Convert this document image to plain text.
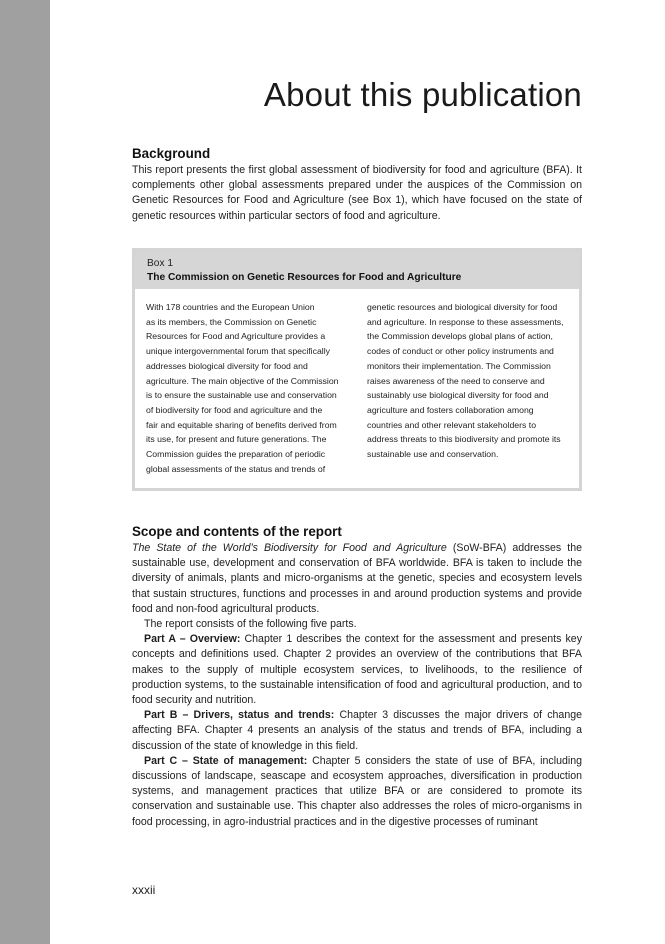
About this publication
Background

This report presents the first global assessment of biodiversity for food and agriculture (BFA). It complements other global assessments prepared under the auspices of the Commission on Genetic Resources for Food and Agriculture (see Box 1), which have focused on the state of genetic resources within particular sectors of food and agriculture.

Box 1
The Commission on Genetic Resources for Food and Agriculture
With 178 countries and the European Union
as its members, the Commission on Genetic
Resources for Food and Agriculture provides a
unique intergovernmental forum that specifically
addresses biological diversity for food and
agriculture. The main objective of the Commission
is to ensure the sustainable use and conservation
of biodiversity for food and agriculture and the
fair and equitable sharing of benefits derived from
its use, for present and future generations. The
Commission guides the preparation of periodic
global assessments of the status and trends of
genetic resources and biological diversity for food
and agriculture. In response to these assessments,
the Commission develops global plans of action,
codes of conduct or other policy instruments and
monitors their implementation. The Commission
raises awareness of the need to conserve and
sustainably use biological diversity for food and
agriculture and fosters collaboration among
countries and other relevant stakeholders to
address threats to this biodiversity and promote its
sustainable use and conservation.
Scope and contents of the report

The State of the World’s Biodiversity for Food and Agriculture (SoW-BFA) addresses the sustainable use, development and conservation of BFA worldwide. BFA is taken to include the diversity of animals, plants and micro-organisms at the genetic, species and ecosystem levels that sustain structures, functions and processes in and around production systems and provide food and non-food agricultural products.

The report consists of the following five parts.

Part A – Overview: Chapter 1 describes the context for the assessment and presents key concepts and definitions used. Chapter 2 provides an overview of the contributions that BFA makes to the supply of multiple ecosystem services, to livelihoods, to the resilience of production systems, to the sustainable intensification of food and agricultural production, and to food security and nutrition.

Part B – Drivers, status and trends: Chapter 3 discusses the major drivers of change affecting BFA. Chapter 4 presents an analysis of the status and trends of BFA, including a discussion of the state of knowledge in this field.

Part C – State of management: Chapter 5 considers the state of use of BFA, including discussions of landscape, seascape and ecosystem approaches, diversification in production systems, and management practices that utilize BFA or are considered to promote its conservation and sustainable use. This chapter also addresses the roles of micro-organisms in food processing, in agro-industrial practices and in the digestive processes of ruminant

xxxii
